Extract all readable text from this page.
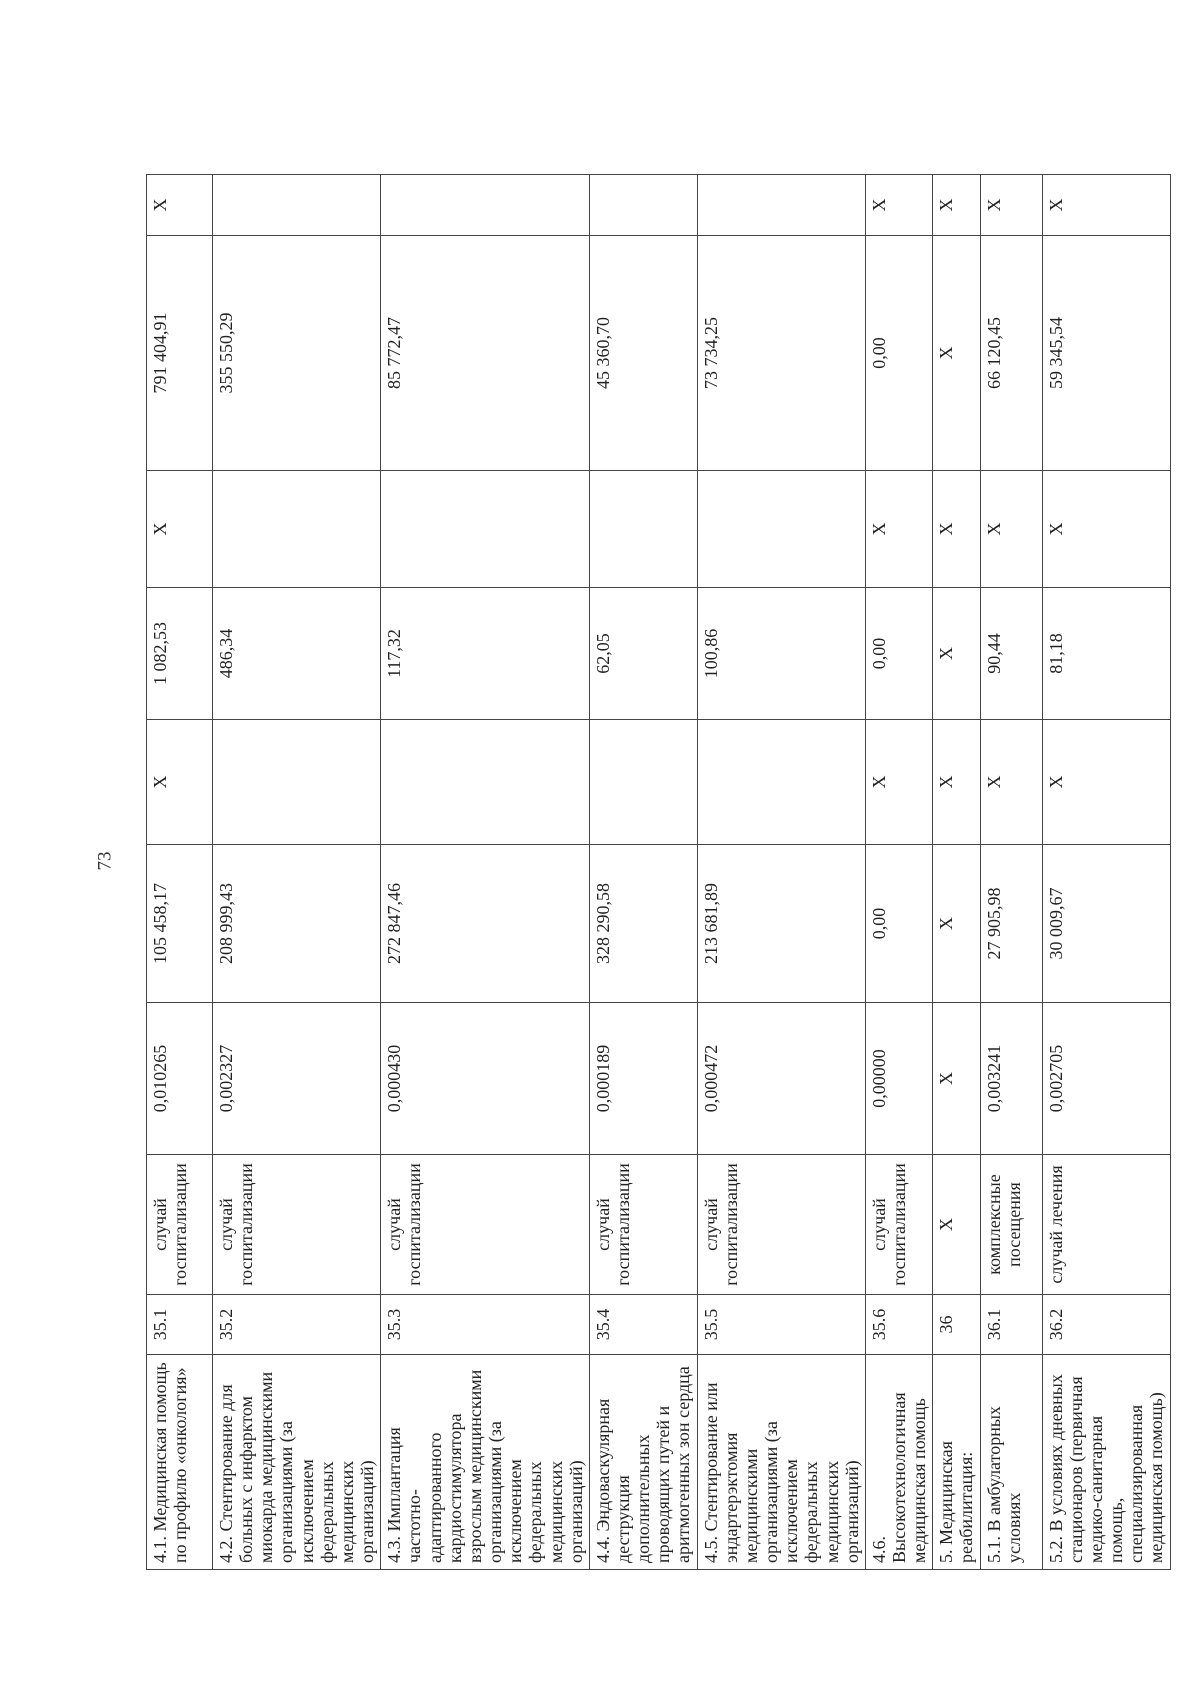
73
4.1. Медицинская помощь по профилю «онкология»	35.1	случай госпитализации	0,010265	105 458,17	X	1 082,53	X	791 404,91	X
4.2. Стентирование для больных с инфарктом миокарда медицинскими организациями (за исключением федеральных медицинских организаций)	35.2	случай госпитализации	0,002327	208 999,43		486,34		355 550,29	
4.3. Имплантация частотно-адаптированного кардиостимулятора взрослым медицинскими организациями (за исключением федеральных медицинских организаций)	35.3	случай госпитализации	0,000430	272 847,46		117,32		85 772,47	
4.4. Эндоваскулярная деструкция дополнительных проводящих путей и аритмогенных зон сердца	35.4	случай госпитализации	0,000189	328 290,58		62,05		45 360,70	
4.5. Стентирование или эндартерэктомия медицинскими организациями (за исключением федеральных медицинских организаций)	35.5	случай госпитализации	0,000472	213 681,89		100,86		73 734,25	
4.6. Высокотехнологичная медицинская помощь	35.6	случай госпитализации	0,00000	0,00	X	0,00	X	0,00	X
5. Медицинская реабилитация:	36	X	X	X	X	X	X	X	X
5.1. В амбулаторных условиях	36.1	комплексные посещения	0,003241	27 905,98	X	90,44	X	66 120,45	X
5.2. В условиях дневных стационаров (первичная медико-санитарная помощь, специализированная медицинская помощь)	36.2	случай лечения	0,002705	30 009,67	X	81,18	X	59 345,54	X
